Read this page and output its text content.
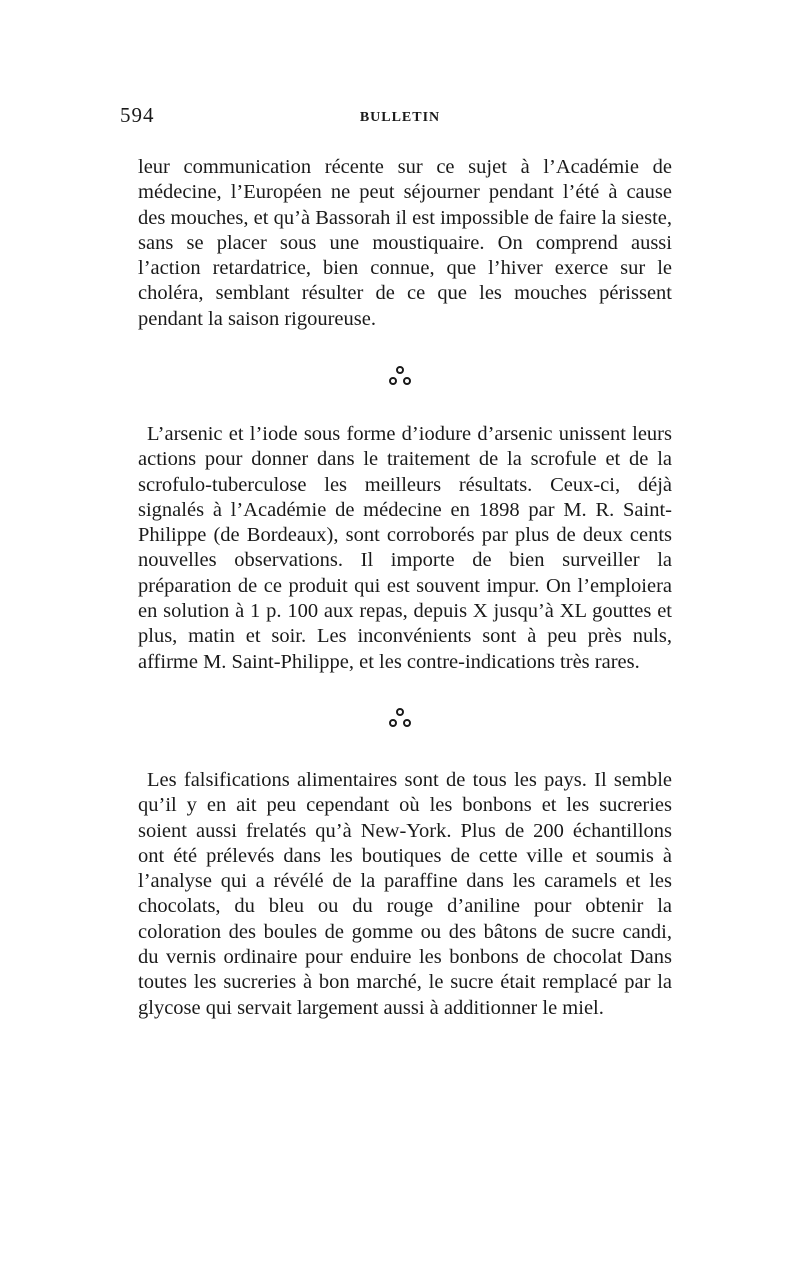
594	BULLETIN

leur communication récente sur ce sujet à l’Académie de médecine, l’Européen ne peut séjourner pendant l’été à cause des mouches, et qu’à Bassorah il est impossible de faire la sieste, sans se placer sous une moustiquaire. On comprend aussi l’action retardatrice, bien connue, que l’hiver exerce sur le choléra, semblant résulter de ce que les mouches périssent pendant la saison rigoureuse.

L’arsenic et l’iode sous forme d’iodure d’arsenic unissent leurs actions pour donner dans le traitement de la scrofule et de la scrofulo-tuberculose les meilleurs résultats. Ceux-ci, déjà signalés à l’Académie de médecine en 1898 par M. R. Saint-Philippe (de Bordeaux), sont corroborés par plus de deux cents nouvelles observations. Il importe de bien surveiller la préparation de ce produit qui est souvent impur. On l’emploiera en solution à 1 p. 100 aux repas, depuis X jusqu’à XL gouttes et plus, matin et soir. Les inconvénients sont à peu près nuls, affirme M. Saint-Philippe, et les contre-indications très rares.

Les falsifications alimentaires sont de tous les pays. Il semble qu’il y en ait peu cependant où les bonbons et les sucreries soient aussi frelatés qu’à New-York. Plus de 200 échantillons ont été prélevés dans les boutiques de cette ville et soumis à l’analyse qui a révélé de la paraffine dans les caramels et les chocolats, du bleu ou du rouge d’aniline pour obtenir la coloration des boules de gomme ou des bâtons de sucre candi, du vernis ordinaire pour enduire les bonbons de chocolat Dans toutes les sucreries à bon marché, le sucre était remplacé par la glycose qui servait largement aussi à additionner le miel.
